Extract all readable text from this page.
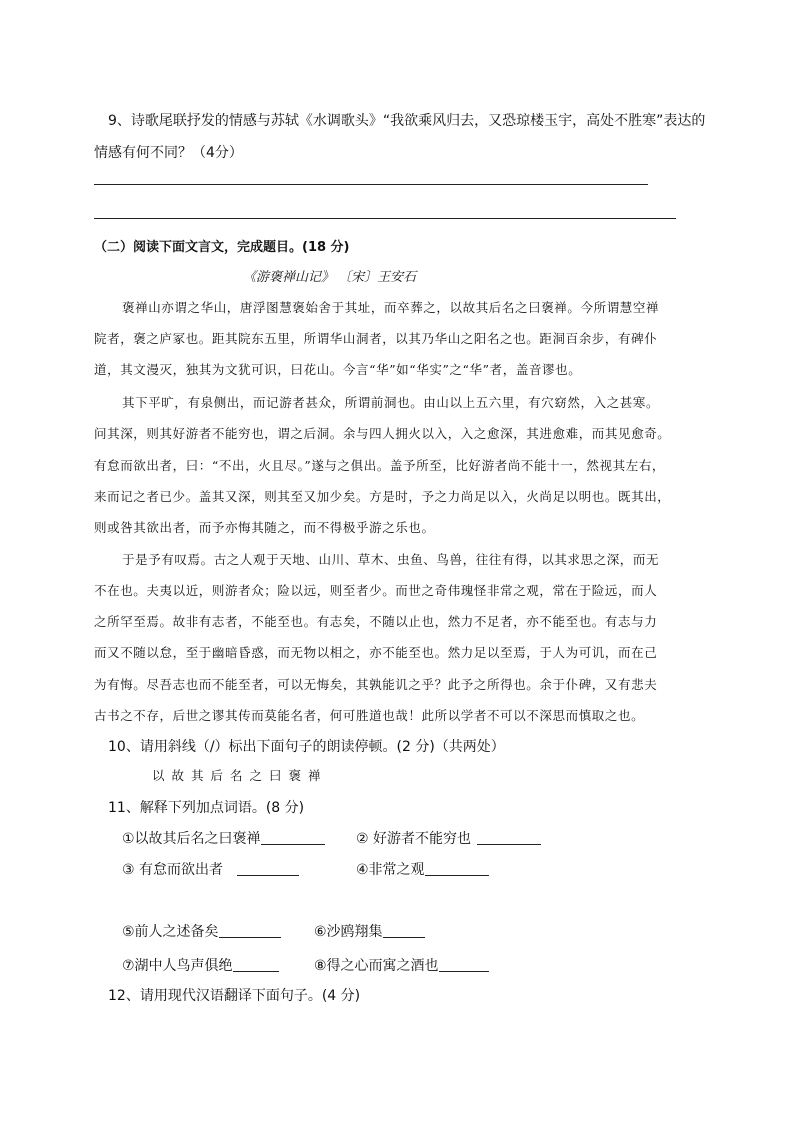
9、诗歌尾联抒发的情感与苏轼《水调歌头》“我欲乘风归去，又恐琼楼玉宇，高处不胜寒”表达的
情感有何不同？（4分）
（二）阅读下面文言文，完成题目。(18 分)
《游褒禅山记》 〔宋〕王安石
褒禅山亦谓之华山，唐浮图慧褒始舍于其址，而卒葬之，以故其后名之曰褒禅。今所谓慧空禅
院者，褒之庐冢也。距其院东五里，所谓华山洞者，以其乃华山之阳名之也。距洞百余步，有碑仆
道，其文漫灭，独其为文犹可识，曰花山。今言“华”如“华实”之“华”者，盖音谬也。
其下平旷，有泉侧出，而记游者甚众，所谓前洞也。由山以上五六里，有穴窈然，入之甚寒。
问其深，则其好游者不能穷也，谓之后洞。余与四人拥火以入，入之愈深，其进愈难，而其见愈奇。
有怠而欲出者，曰：“不出，火且尽。”遂与之俱出。盖予所至，比好游者尚不能十一，然视其左右，
来而记之者已少。盖其又深，则其至又加少矣。方是时，予之力尚足以入，火尚足以明也。既其出，
则或咎其欲出者，而予亦悔其随之，而不得极乎游之乐也。
于是予有叹焉。古之人观于天地、山川、草木、虫鱼、鸟兽，往往有得，以其求思之深，而无
不在也。夫夷以近，则游者众；险以远，则至者少。而世之奇伟瑰怪非常之观，常在于险远，而人
之所罕至焉。故非有志者，不能至也。有志矣，不随以止也，然力不足者，亦不能至也。有志与力
而又不随以怠，至于幽暗昏惑，而无物以相之，亦不能至也。然力足以至焉，于人为可讥，而在己
为有悔。尽吾志也而不能至者，可以无悔矣，其孰能讥之乎？此予之所得也。余于仆碑，又有悲夫
古书之不存，后世之谬其传而莫能名者，何可胜道也哉！此所以学者不可以不深思而慎取之也。
10、请用斜线（/）标出下面句子的朗读停顿。(2 分)（共两处）
以故其后名之曰褒禅
11、解释下列加点词语。(8 分)
①以故其后名之曰褒禅	② 好游者不能穷也
③ 有怠而欲出者	④非常之观
⑤前人之述备矣	⑥沙鸥翔集
⑦湖中人鸟声俱绝	⑧得之心而寓之酒也
12、请用现代汉语翻译下面句子。(4 分)
